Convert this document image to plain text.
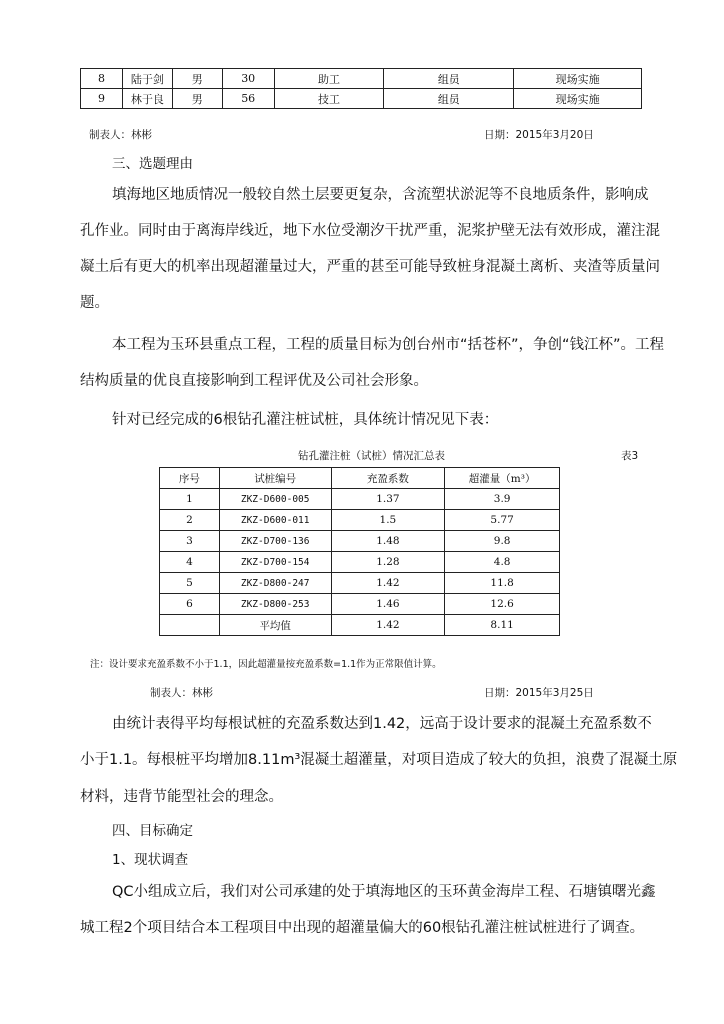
8	陆于剑	男	30	助工	组员	现场实施
9	林于良	男	56	技工	组员	现场实施
制表人：林彬	日期：2015年3月20日
三、选题理由
填海地区地质情况一般较自然土层要更复杂，含流塑状淤泥等不良地质条件，影响成
孔作业。同时由于离海岸线近，地下水位受潮汐干扰严重，泥浆护壁无法有效形成，灌注混
凝土后有更大的机率出现超灌量过大，严重的甚至可能导致桩身混凝土离析、夹渣等质量问
题。
本工程为玉环县重点工程，工程的质量目标为创台州市“括苍杯”，争创“钱江杯”。工程
结构质量的优良直接影响到工程评优及公司社会形象。
针对已经完成的6根钻孔灌注桩试桩，具体统计情况见下表：
钻孔灌注桩（试桩）情况汇总表	表3
序号	试桩编号	充盈系数	超灌量（m³）
1	ZKZ-D600-005	1.37	3.9
2	ZKZ-D600-011	1.5	5.77
3	ZKZ-D700-136	1.48	9.8
4	ZKZ-D700-154	1.28	4.8
5	ZKZ-D800-247	1.42	11.8
6	ZKZ-D800-253	1.46	12.6
	平均值	1.42	8.11
注：设计要求充盈系数不小于1.1，因此超灌量按充盈系数=1.1作为正常限值计算。
制表人：林彬	日期：2015年3月25日
由统计表得平均每根试桩的充盈系数达到1.42，远高于设计要求的混凝土充盈系数不
小于1.1。每根桩平均增加8.11m³混凝土超灌量，对项目造成了较大的负担，浪费了混凝土原
材料，违背节能型社会的理念。
四、目标确定
1、现状调查
QC小组成立后，我们对公司承建的处于填海地区的玉环黄金海岸工程、石塘镇曙光鑫
城工程2个项目结合本工程项目中出现的超灌量偏大的60根钻孔灌注桩试桩进行了调查。
